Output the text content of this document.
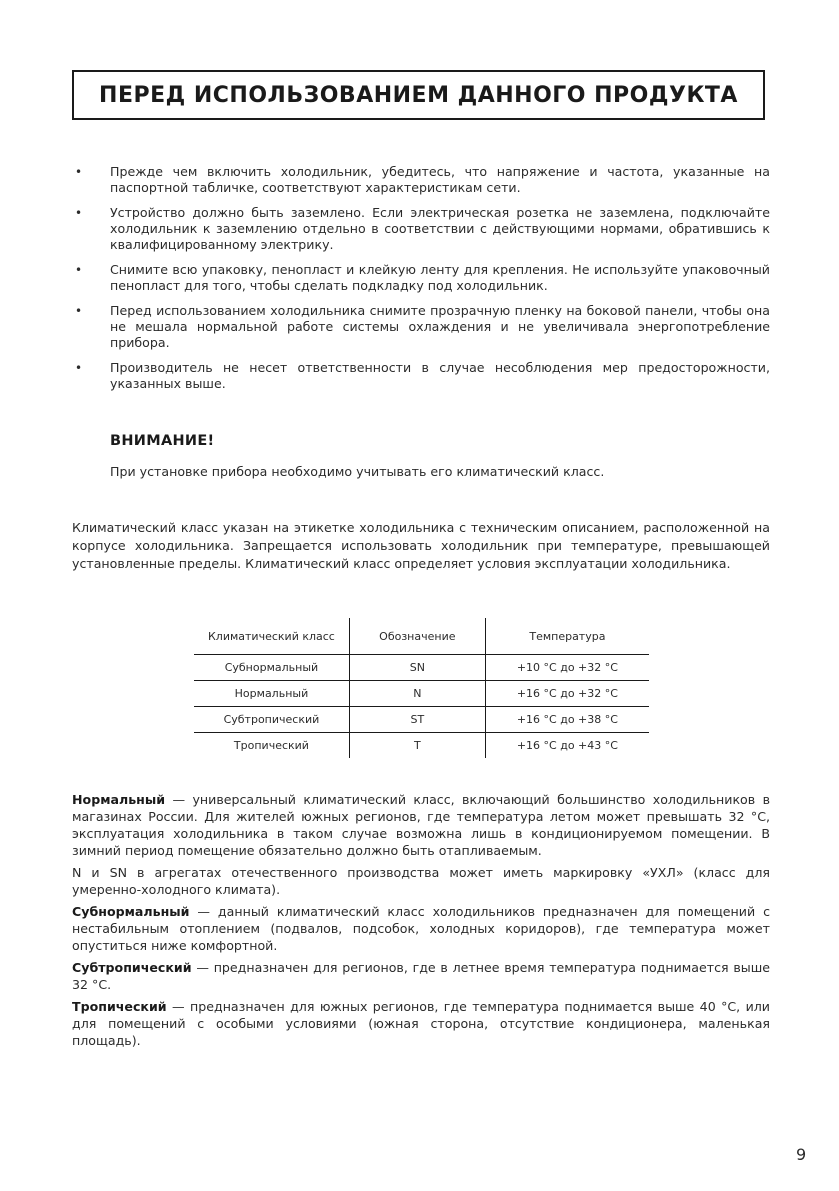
ПЕРЕД ИСПОЛЬЗОВАНИЕМ ДАННОГО ПРОДУКТА
• Прежде чем включить холодильник, убедитесь, что напряжение и частота, указанные на паспортной табличке, соответствуют характеристикам сети.
• Устройство должно быть заземлено. Если электрическая розетка не заземлена, подключайте холодильник к заземлению отдельно в соответствии с действующими нормами, обратившись к квалифицированному электрику.
• Снимите всю упаковку, пенопласт и клейкую ленту для крепления. Не используйте упаковочный пенопласт для того, чтобы сделать подкладку под холодильник.
• Перед использованием холодильника снимите прозрачную пленку на боковой панели, чтобы она не мешала нормальной работе системы охлаждения и не увеличивала энергопотребление прибора.
• Производитель не несет ответственности в случае несоблюдения мер предосторожности, указанных выше.
ВНИМАНИЕ!

При установке прибора необходимо учитывать его климатический класс.

Климатический класс указан на этикетке холодильника с техническим описанием, расположенной на корпусе холодильника. Запрещается использовать холодильник при температуре, превышающей установленные пределы. Климатический класс определяет условия эксплуатации холодильника.

Климатический класс	Обозначение	Температура
Субнормальный	SN	+10 °C до +32 °C
Нормальный	N	+16 °C до +32 °C
Субтропический	ST	+16 °C до +38 °C
Тропический	T	+16 °C до +43 °C

Нормальный — универсальный климатический класс, включающий большинство холодильников в магазинах России. Для жителей южных регионов, где температура летом может превышать 32 °С, эксплуатация холодильника в таком случае возможна лишь в кондиционируемом помещении. В зимний период помещение обязательно должно быть отапливаемым.

N и SN в агрегатах отечественного производства может иметь маркировку «УХЛ» (класс для умеренно-холодного климата).

Субнормальный — данный климатический класс холодильников предназначен для помещений с нестабильным отоплением (подвалов, подсобок, холодных коридоров), где температура может опуститься ниже комфортной.

Субтропический — предназначен для регионов, где в летнее время температура поднимается выше 32 °С.

Тропический — предназначен для южных регионов, где температура поднимается выше 40 °С, или для помещений с особыми условиями (южная сторона, отсутствие кондиционера, маленькая площадь).

9
